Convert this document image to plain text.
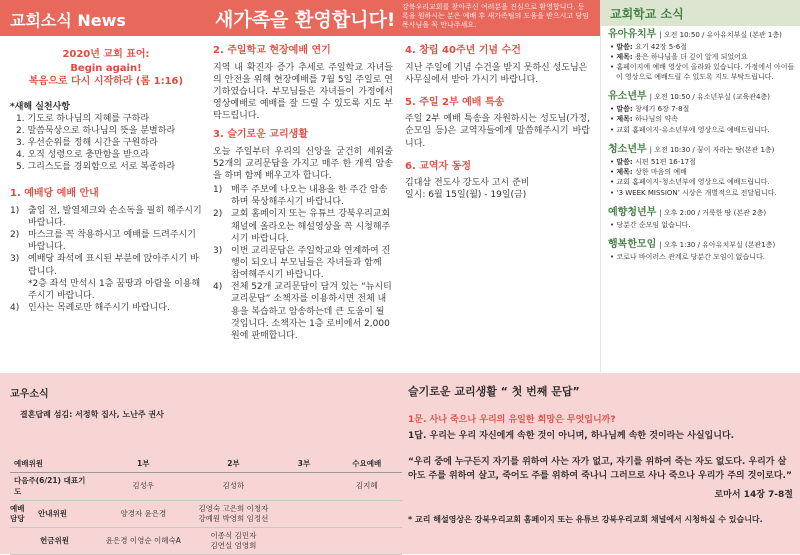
교회소식 News	새가족을 환영합니다!
강북우리교회를 찾아주신 여러분을 진심으로 환영합니다. 등록을 원하시는 분은 예배 후 새가족팀의 도움을 받으시고 담임목사님을 꼭 만나주세요.
교회학교 소식
2020년 교회 표어:
Begin again!
복음으로 다시 시작하라 (롬 1:16)
*새해 실천사항
1. 기도로 하나님의 지혜를 구하라
2. 말씀묵상으로 하나님의 뜻을 분별하라
3. 우선순위를 정해 시간을 구원하라
4. 오직 성령으로 충만함을 받으라
5. 그리스도를 경외함으로 서로 복종하라
1. 예배당 예배 안내
1) 출입 전, 발열체크와 손소독을 필히 해주시기 바랍니다.
2) 마스크를 꼭 착용하시고 예배를 드려주시기 바랍니다.
3) 예배당 좌석에 표시된 부분에 앉아주시기 바랍니다.
*2층 좌석 만석시 1층 꿈땅과 아람을 이용해주시기 바랍니다.
4) 인사는 목례로만 해주시기 바랍니다.
2. 주일학교 현장예배 연기

지역 내 확진자 증가 추세로 주일학교 자녀들의 안전을 위해 현장예배를 7월 5일 주일로 연기하였습니다. 부모님들은 자녀들이 가정에서 영상예배로 예배를 잘 드릴 수 있도록 지도 부탁드립니다.

3. 슬기로운 교리생활

오늘 주일부터 우리의 신앙을 굳건히 세워줄 52개의 교리문답을 가지고 매주 한 개씩 암송을 하며 함께 배우고자 합니다.

1) 매주 주보에 나오는 내용을 한 주간 암송하며 묵상해주시기 바랍니다.
2) 교회 홈페이지 또는 유튜브 강북우리교회 채널에 올라오는 해설영상을 꼭 시청해주시기 바랍니다.
3) 이번 교리문답은 주일학교와 연계하여 진행이 되오니 부모님들은 자녀들과 함께 참여해주시기 바랍니다.
4) 전체 52개 교리문답이 담겨 있는 “뉴시티 교리문답” 소책자를 이용하시면 전체 내용을 복습하고 암송하는데 큰 도움이 될 것입니다. 소책자는 1층 로비에서 2,000원에 판매합니다.
4. 창립 40주년 기념 수건

지난 주일에 기념 수건을 받지 못하신 성도님은 사무실에서 받아 가시기 바랍니다.

5. 주일 2부 예배 특송

주일 2부 예배 특송을 자원하시는 성도님(가정, 순모임 등)은 교역자들에게 말씀해주시기 바랍니다.

6. 교역자 동정

김대삼 전도사 강도사 고시 준비

일시: 6월 15일(월) - 19일(금)

유아유치부 | 오전 10:50 / 유아유치부실 (본관 1층)
• 말씀: 요기 42장 5-6절
• 제목: 용은 하나님을 더 깊이 알게 되었어요
• 홈페이지에 예배 영상이 올라와 있습니다. 가정에서 아이들이 영상으로 예배드릴 수 있도록 지도 부탁드립니다.
유소년부 | 오전 10:50 / 유소년부실 (교육관4층)
• 말씀: 창세기 6장 7-8절
• 제목: 하나님의 약속
• 교회 홈페이지-유소년부에 영상으로 예배드립니다.
청소년부 | 오전 10:30 / 꿈이 자라는 땅(본관 1층)
• 말씀: 시편 51편 16-17절
• 제목: 상한 마음의 예배
• 교회 홈페이지-청소년부에 영상으로 예배드립니다.
• ‘3 WEEK MISSION’ 시상은 개별적으로 전달됩니다.
예향청년부 | 오후 2:00 / 거룩한 땅 (본관 2층)
• 당분간 순모임 없습니다.
행복한모임 | 오후 1:30 / 유아유치부실 (본관1층)
• 코로나 바이러스 관계로 당분간 모임이 없습니다.
교우소식
결혼답례 섬김: 서정학 집사, 노난주 권사
예배위원	1부	2부	3부	수요예배
다음주(6/21) 대표기도	김성우	김성하		김지혜

예배
담당
안내위원	양경자 윤은경	김영숙 고은희 이청자
강예원 박영희 임정선		
헌금위원	윤은경 이영순 이혜숙A	이종식 김민자
김연실 엄영희		
슬기로운 교리생활 “ 첫 번째 문답”
1문. 사나 죽으나 우리의 유일한 희망은 무엇입니까?
1답. 우리는 우리 자신에게 속한 것이 아니며, 하나님께 속한 것이라는 사실입니다.
“우리 중에 누구든지 자기를 위하여 사는 자가 없고, 자기를 위하여 죽는 자도 없도다. 우리가 살아도 주를 위하여 살고, 죽어도 주를 위하여 죽나니 그러므로 사나 죽으나 우리가 주의 것이로다.”
로마서 14장 7-8절
* 교리 해설영상은 강북우리교회 홈페이지 또는 유튜브 강북우리교회 채널에서 시청하실 수 있습니다.
